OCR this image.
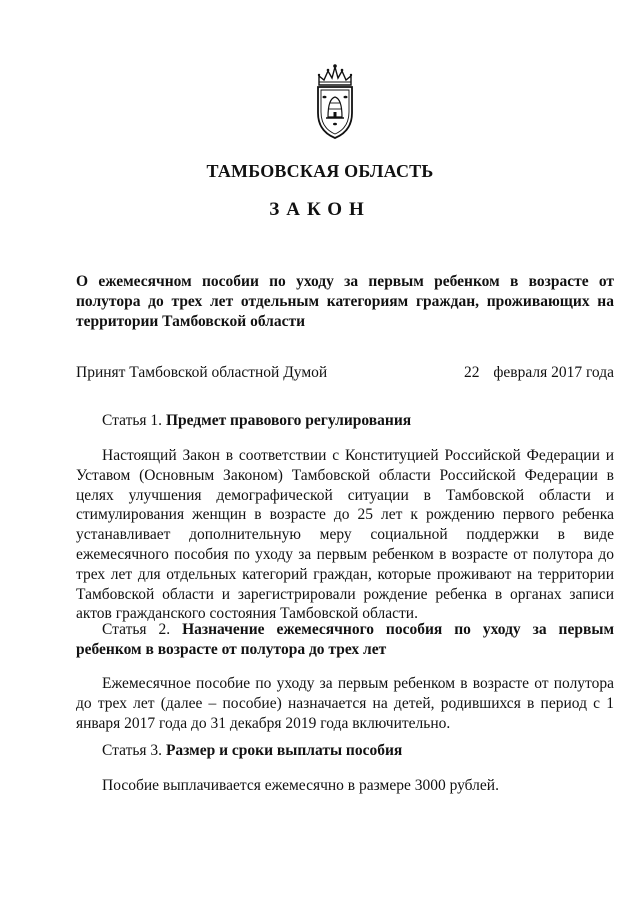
ТАМБОВСКАЯ ОБЛАСТЬ
ЗАКОН
О ежемесячном пособии по уходу за первым ребенком в возрасте от полутора до трех лет отдельным категориям граждан, проживающих на территории Тамбовской области
Принят Тамбовской областной Думой	22 февраля 2017 года
Статья 1. Предмет правового регулирования
Настоящий Закон в соответствии с Конституцией Российской Федерации и Уставом (Основным Законом) Тамбовской области Российской Федерации в целях улучшения демографической ситуации в Тамбовской области и стимулирования женщин в возрасте до 25 лет к рождению первого ребенка устанавливает дополнительную меру социальной поддержки в виде ежемесячного пособия по уходу за первым ребенком в возрасте от полутора до трех лет для отдельных категорий граждан, которые проживают на территории Тамбовской области и зарегистрировали рождение ребенка в органах записи актов гражданского состояния Тамбовской области.
Статья 2. Назначение ежемесячного пособия по уходу за первым ребенком в возрасте от полутора до трех лет
Ежемесячное пособие по уходу за первым ребенком в возрасте от полутора до трех лет (далее – пособие) назначается на детей, родившихся в период с 1 января 2017 года до 31 декабря 2019 года включительно.
Статья 3. Размер и сроки выплаты пособия
Пособие выплачивается ежемесячно в размере 3000 рублей.
